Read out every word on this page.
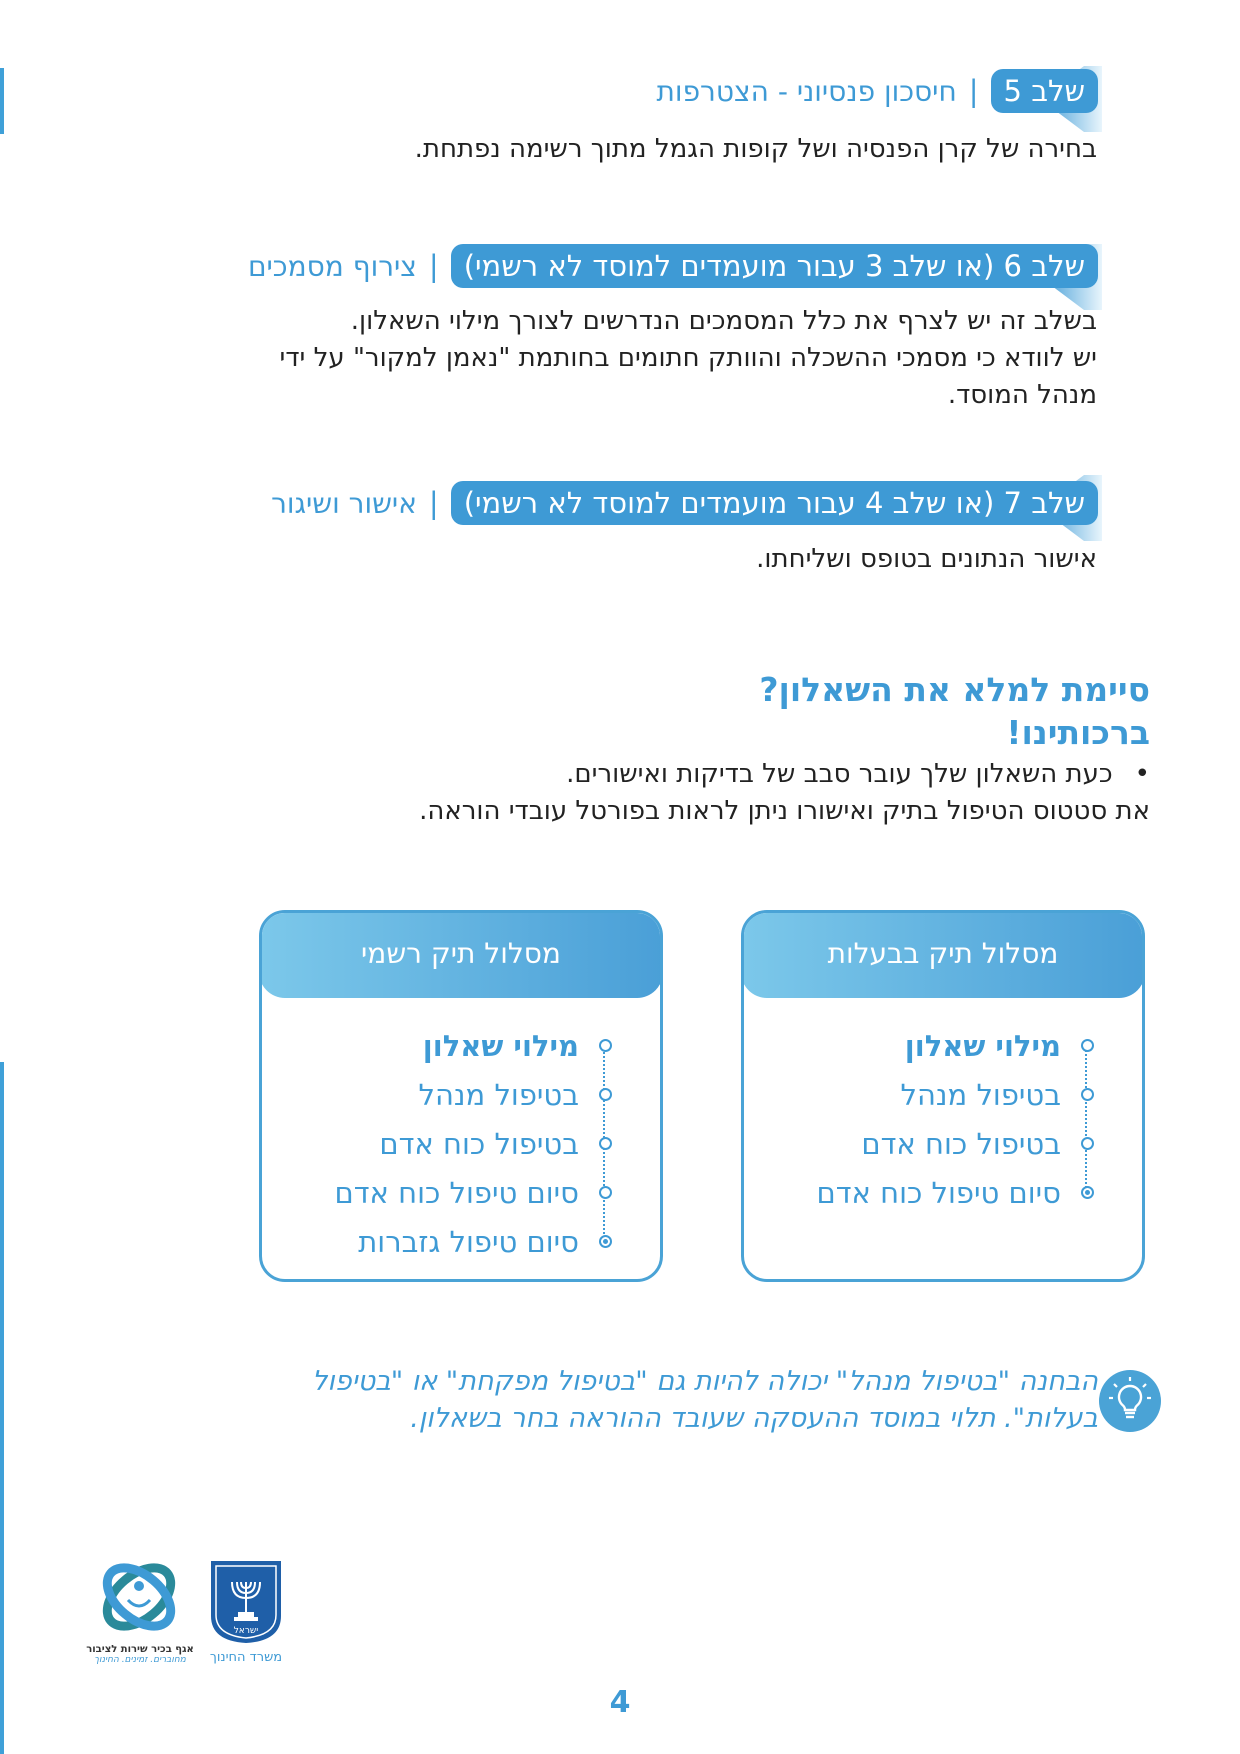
שלב 5
|
חיסכון פנסיוני - הצטרפות
בחירה של קרן הפנסיה ושל קופות הגמל מתוך רשימה נפתחת.
שלב 6 (או שלב 3 עבור מועמדים למוסד לא רשמי)
|
צירוף מסמכים
בשלב זה יש לצרף את כלל המסמכים הנדרשים לצורך מילוי השאלון.
יש לוודא כי מסמכי ההשכלה והוותק חתומים בחותמת "נאמן למקור" על ידי
מנהל המוסד.
שלב 7 (או שלב 4 עבור מועמדים למוסד לא רשמי)
|
אישור ושיגור
אישור הנתונים בטופס ושליחתו.
סיימת למלא את השאלון?
ברכותינו!
•כעת השאלון שלך עובר סבב של בדיקות ואישורים.
את סטטוס הטיפול בתיק ואישורו ניתן לראות בפורטל עובדי הוראה.
מסלול תיק בבעלות
מילוי שאלון
בטיפול מנהל
בטיפול כוח אדם
סיום טיפול כוח אדם
מסלול תיק רשמי
מילוי שאלון
בטיפול מנהל
בטיפול כוח אדם
סיום טיפול כוח אדם
סיום טיפול גזברות
הבחנה "בטיפול מנהל" יכולה להיות גם "בטיפול מפקחת" או "בטיפול
בעלות". תלוי במוסד ההעסקה שעובד ההוראה בחר בשאלון.
אגף בכיר שירות לציבור
מחוברים. זמינים. החינוך
ישראל
משרד החינוך
4
